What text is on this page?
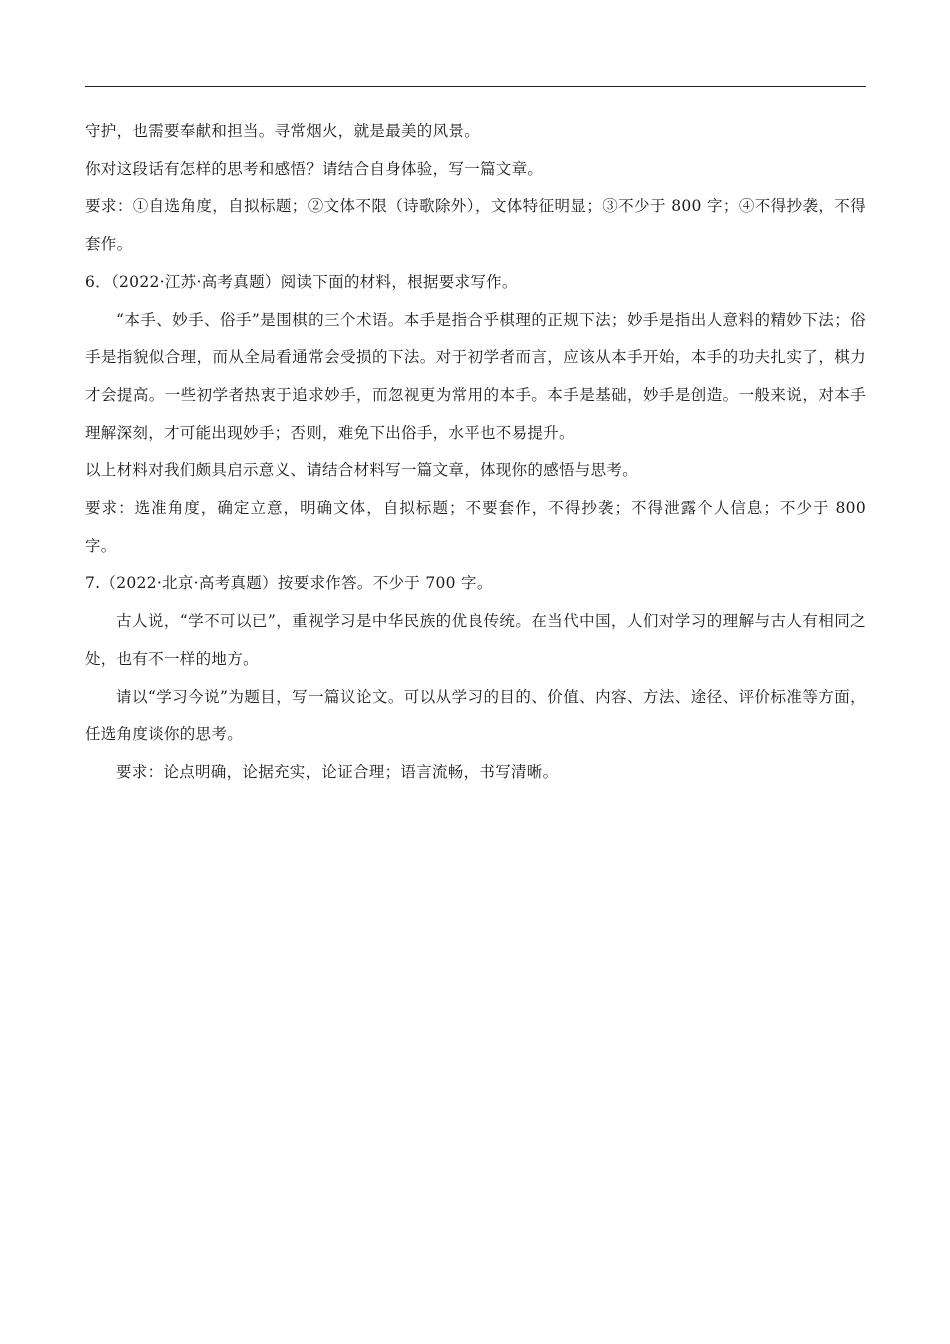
守护，也需要奉献和担当。寻常烟火，就是最美的风景。

你对这段话有怎样的思考和感悟？请结合自身体验，写一篇文章。

要求：①自选角度，自拟标题；②文体不限（诗歌除外），文体特征明显；③不少于 800 字；④不得抄袭，不得套作。

6．（2022·江苏·高考真题）阅读下面的材料，根据要求写作。

“本手、妙手、俗手”是围棋的三个术语。本手是指合乎棋理的正规下法；妙手是指出人意料的精妙下法；俗手是指貌似合理，而从全局看通常会受损的下法。对于初学者而言，应该从本手开始，本手的功夫扎实了，棋力才会提高。一些初学者热衷于追求妙手，而忽视更为常用的本手。本手是基础，妙手是创造。一般来说，对本手理解深刻，才可能出现妙手；否则，难免下出俗手，水平也不易提升。

以上材料对我们颇具启示意义、请结合材料写一篇文章，体现你的感悟与思考。

要求：选准角度，确定立意，明确文体，自拟标题；不要套作，不得抄袭；不得泄露个人信息；不少于 800 字。

7.（2022·北京·高考真题）按要求作答。不少于 700 字。

古人说，“学不可以已”，重视学习是中华民族的优良传统。在当代中国，人们对学习的理解与古人有相同之处，也有不一样的地方。

请以“学习今说”为题目，写一篇议论文。可以从学习的目的、价值、内容、方法、途径、评价标准等方面，任选角度谈你的思考。

要求：论点明确，论据充实，论证合理；语言流畅，书写清晰。
